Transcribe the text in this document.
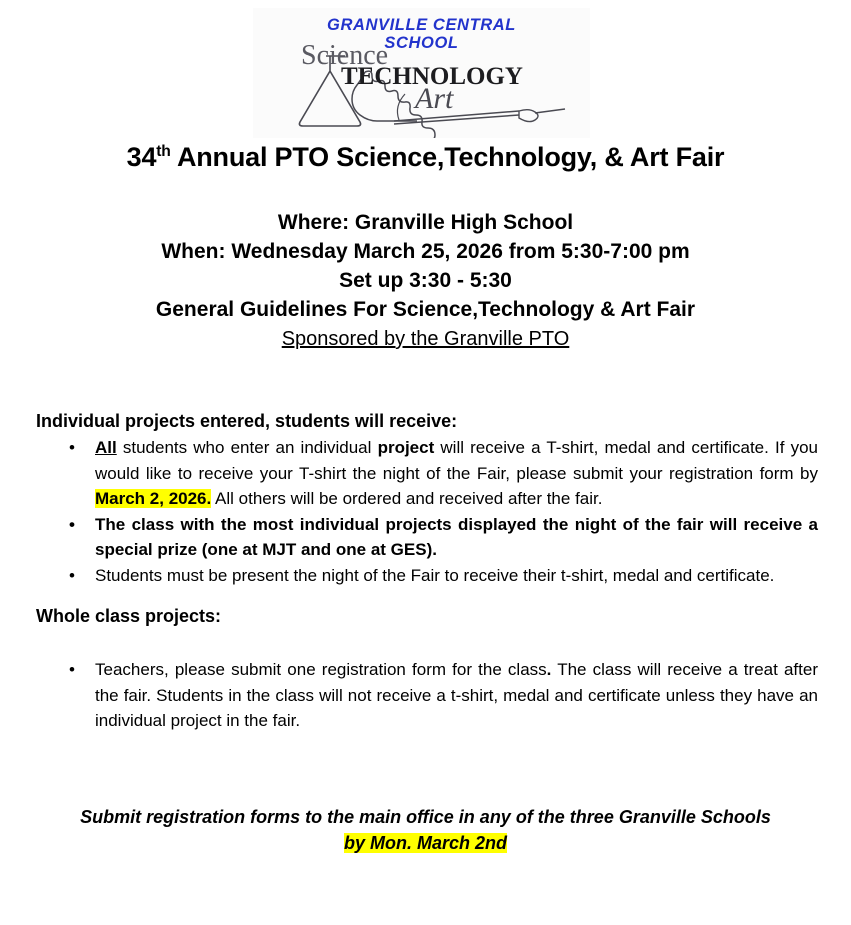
GRANVILLE CENTRAL
SCHOOL
Science
TECHNOLOGY
Art
34th Annual PTO Science,Technology, & Art Fair
Where: Granville High School
When: Wednesday March 25, 2026 from 5:30-7:00 pm
Set up 3:30 - 5:30
General Guidelines For Science,Technology & Art Fair
Sponsored by the Granville PTO
Individual projects entered, students will receive:
• All students who enter an individual project will receive a T-shirt, medal and certificate. If you would like to receive your T-shirt the night of the Fair, please submit your registration form by March 2, 2026. All others will be ordered and received after the fair.
• The class with the most individual projects displayed the night of the fair will receive a special prize (one at MJT and one at GES).
• Students must be present the night of the Fair to receive their t-shirt, medal and certificate.
Whole class projects:
• Teachers, please submit one registration form for the class. The class will receive a treat after the fair. Students in the class will not receive a t-shirt, medal and certificate unless they have an individual project in the fair.
Submit registration forms to the main office in any of the three Granville Schools
by Mon. March 2nd
